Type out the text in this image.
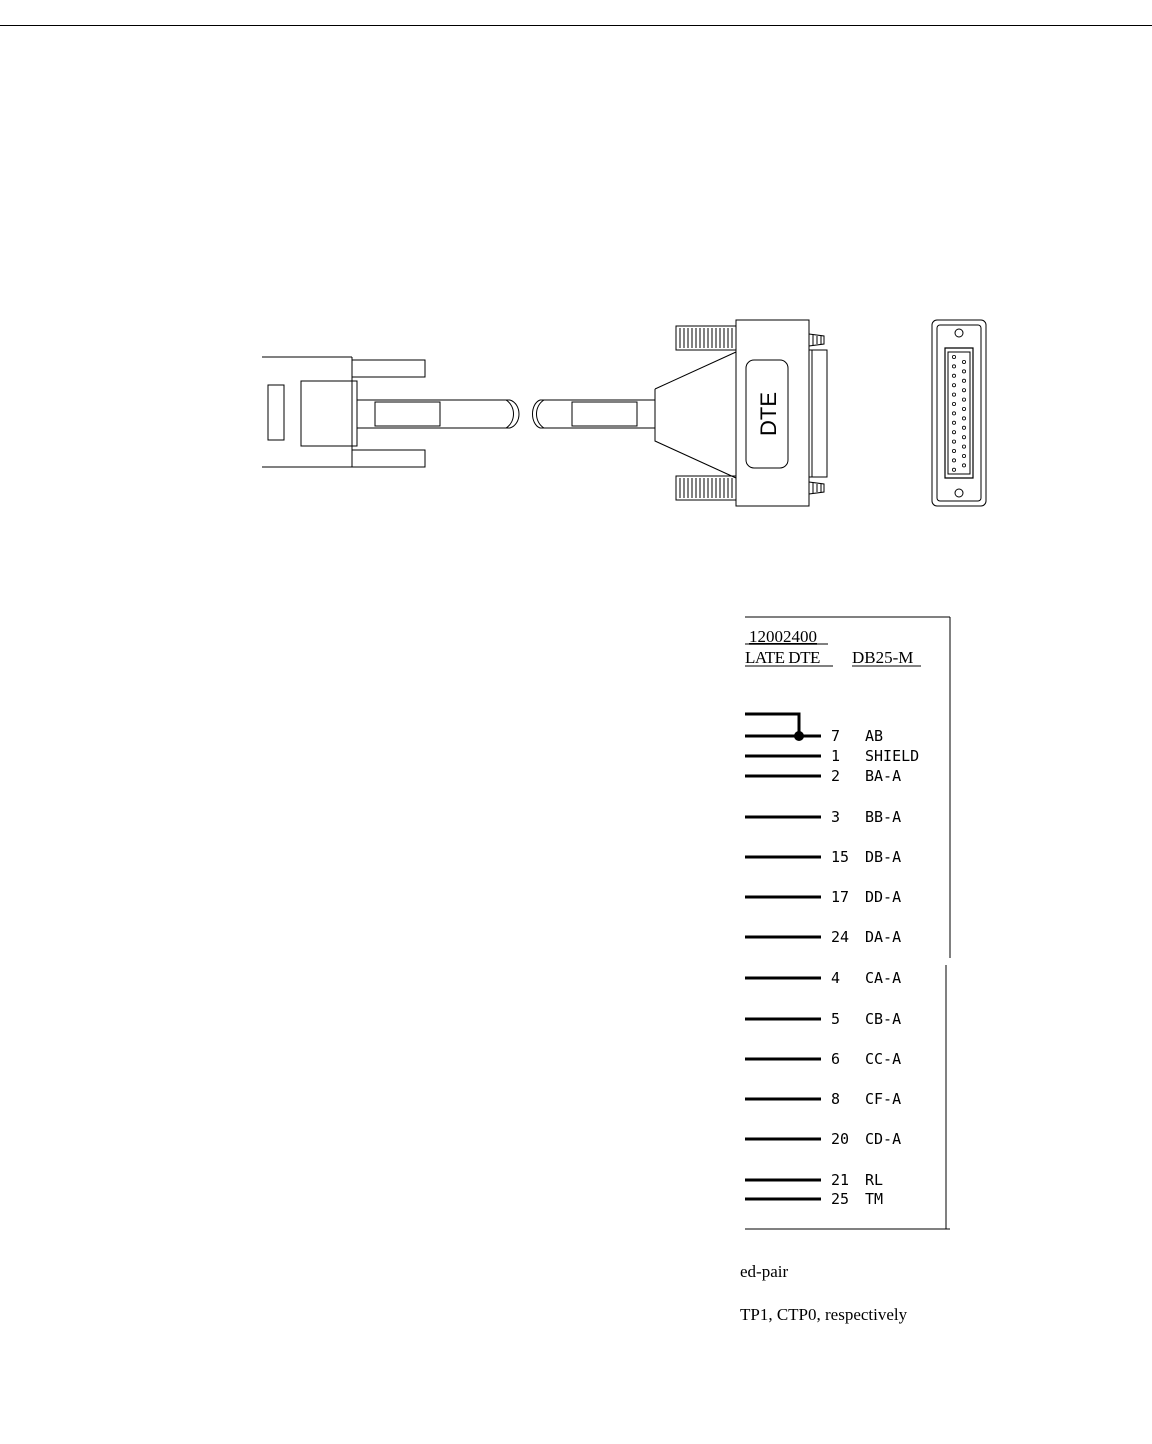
DTE
12002400
LATE DTE DB25-M
7 AB
1 SHIELD
2 BA-A
3 BB-A
15 DB-A
17 DD-A
24 DA-A
4 CA-A
5 CB-A
6 CC-A
8 CF-A
20 CD-A
21 RL
25 TM
ed-pair
TP1, CTP0, respectively
